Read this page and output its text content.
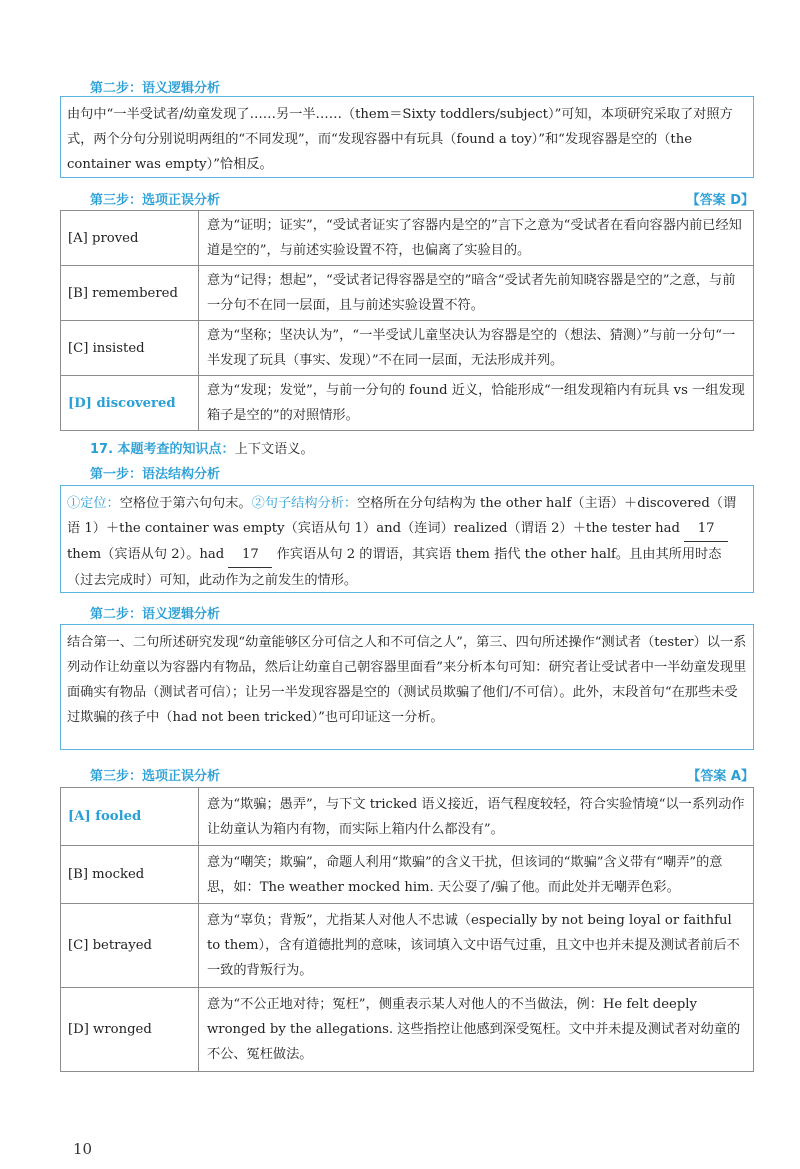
第二步：语义逻辑分析
由句中“一半受试者/幼童发现了……另一半……（them＝Sixty toddlers/subject）”可知，本项研究采取了对照方式，两个分句分别说明两组的“不同发现”，而“发现容器中有玩具（found a toy）”和“发现容器是空的（the container was empty）”恰相反。
第三步：选项正误分析	【答案 D】
[A] proved	意为“证明；证实”，“受试者证实了容器内是空的”言下之意为“受试者在看向容器内前已经知道是空的”，与前述实验设置不符，也偏离了实验目的。
[B] remembered	意为“记得；想起”，“受试者记得容器是空的”暗含“受试者先前知晓容器是空的”之意，与前一分句不在同一层面，且与前述实验设置不符。
[C] insisted	意为“坚称；坚决认为”，“一半受试儿童坚决认为容器是空的（想法、猜测）”与前一分句“一半发现了玩具（事实、发现）”不在同一层面，无法形成并列。
[D] discovered	意为“发现；发觉”，与前一分句的 found 近义，恰能形成“一组发现箱内有玩具 vs 一组发现箱子是空的”的对照情形。
17. 本题考查的知识点：上下文语义。
第一步：语法结构分析
①定位：空格位于第六句句末。②句子结构分析：空格所在分句结构为 the other half（主语）＋discovered（谓语 1）＋the container was empty（宾语从句 1）and（连词）realized（谓语 2）＋the tester had 17 them（宾语从句 2）。had 17 作宾语从句 2 的谓语，其宾语 them 指代 the other half。且由其所用时态（过去完成时）可知，此动作为之前发生的情形。
第二步：语义逻辑分析
结合第一、二句所述研究发现“幼童能够区分可信之人和不可信之人”，第三、四句所述操作“测试者（tester）以一系列动作让幼童以为容器内有物品，然后让幼童自己朝容器里面看”来分析本句可知：研究者让受试者中一半幼童发现里面确实有物品（测试者可信）；让另一半发现容器是空的（测试员欺骗了他们/不可信）。此外，末段首句“在那些未受过欺骗的孩子中（had not been tricked）”也可印证这一分析。
第三步：选项正误分析	【答案 A】
[A] fooled	意为“欺骗；愚弄”，与下文 tricked 语义接近，语气程度较轻，符合实验情境“以一系列动作让幼童认为箱内有物，而实际上箱内什么都没有”。
[B] mocked	意为“嘲笑；欺骗”，命题人利用“欺骗”的含义干扰，但该词的“欺骗”含义带有“嘲弄”的意思，如：The weather mocked him. 天公耍了/骗了他。而此处并无嘲弄色彩。
[C] betrayed	意为“辜负；背叛”，尤指某人对他人不忠诚（especially by not being loyal or faithful to them），含有道德批判的意味，该词填入文中语气过重，且文中也并未提及测试者前后不一致的背叛行为。
[D] wronged	意为“不公正地对待；冤枉”，侧重表示某人对他人的不当做法，例：He felt deeply wronged by the allegations. 这些指控让他感到深受冤枉。文中并未提及测试者对幼童的不公、冤枉做法。
10
